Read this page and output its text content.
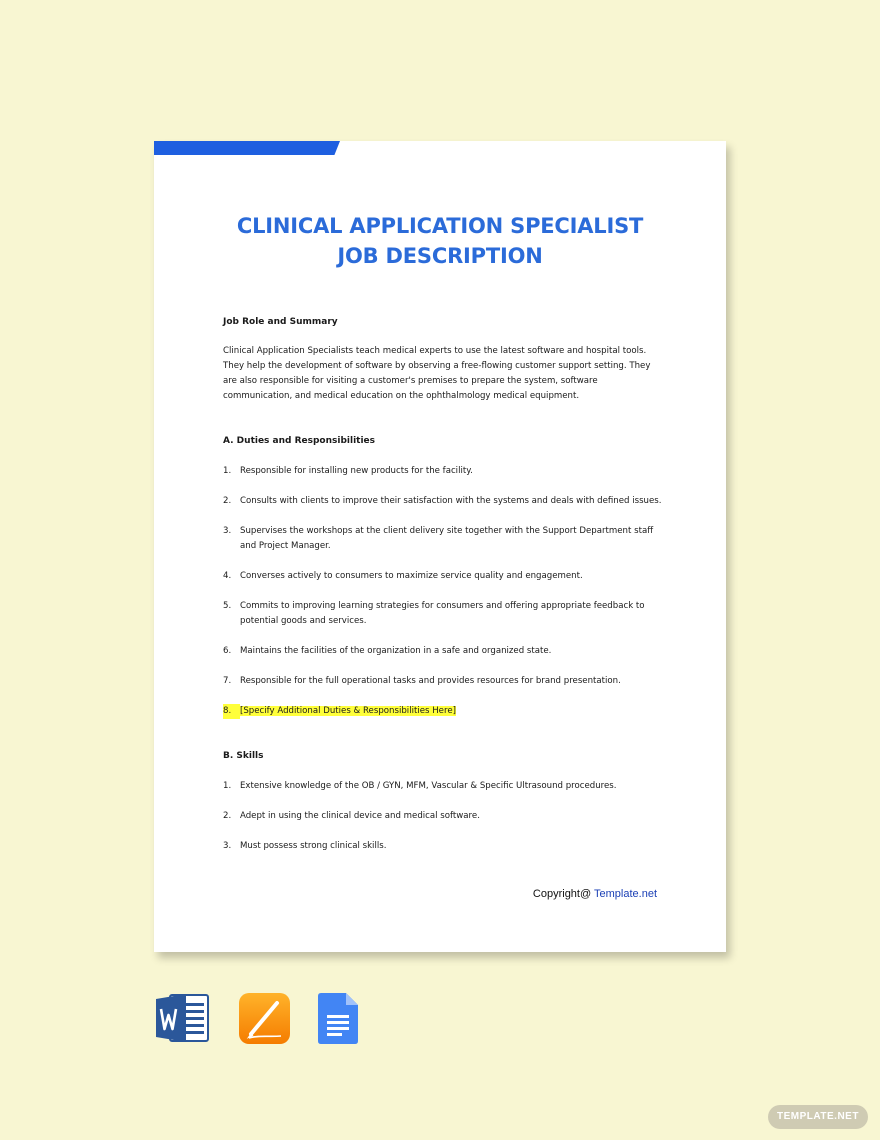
CLINICAL APPLICATION SPECIALIST
JOB DESCRIPTION

Job Role and Summary

Clinical Application Specialists teach medical experts to use the latest software and hospital tools. They help the development of software by observing a free-flowing customer support setting. They are also responsible for visiting a customer's premises to prepare the system, software communication, and medical education on the ophthalmology medical equipment.

A. Duties and Responsibilities

1.	Responsible for installing new products for the facility.
2.	Consults with clients to improve their satisfaction with the systems and deals with defined issues.
3.	Supervises the workshops at the client delivery site together with the Support Department staff and Project Manager.
4.	Converses actively to consumers to maximize service quality and engagement.
5.	Commits to improving learning strategies for consumers and offering appropriate feedback to potential goods and services.
6.	Maintains the facilities of the organization in a safe and organized state.
7.	Responsible for the full operational tasks and provides resources for brand presentation.
8.	[Specify Additional Duties & Responsibilities Here]

B. Skills

1.	Extensive knowledge of the OB / GYN, MFM, Vascular & Specific Ultrasound procedures.
2.	Adept in using the clinical device and medical software.
3.	Must possess strong clinical skills.
Copyright@ Template.net
TEMPLATE.NET
